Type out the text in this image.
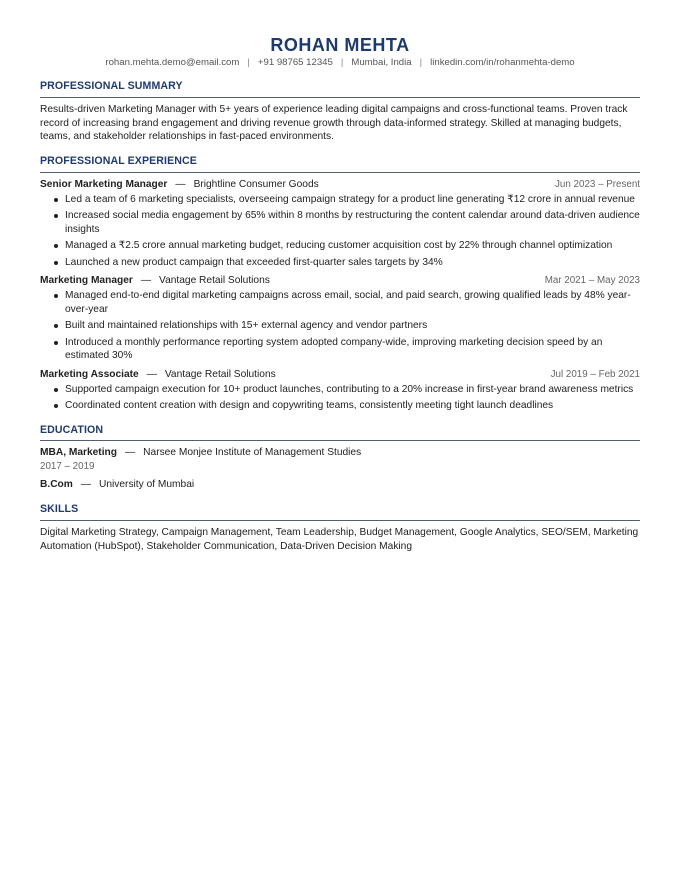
ROHAN MEHTA
rohan.mehta.demo@email.com | +91 98765 12345 | Mumbai, India | linkedin.com/in/rohanmehta-demo
PROFESSIONAL SUMMARY
Results-driven Marketing Manager with 5+ years of experience leading digital campaigns and cross-functional teams. Proven track record of increasing brand engagement and driving revenue growth through data-informed strategy. Skilled at managing budgets, teams, and stakeholder relationships in fast-paced environments.
PROFESSIONAL EXPERIENCE
Senior Marketing Manager — Brightline Consumer Goods	Jun 2023 – Present
Led a team of 6 marketing specialists, overseeing campaign strategy for a product line generating ₹12 crore in annual revenue
Increased social media engagement by 65% within 8 months by restructuring the content calendar around data-driven audience insights
Managed a ₹2.5 crore annual marketing budget, reducing customer acquisition cost by 22% through channel optimization
Launched a new product campaign that exceeded first-quarter sales targets by 34%
Marketing Manager — Vantage Retail Solutions	Mar 2021 – May 2023
Managed end-to-end digital marketing campaigns across email, social, and paid search, growing qualified leads by 48% year-over-year
Built and maintained relationships with 15+ external agency and vendor partners
Introduced a monthly performance reporting system adopted company-wide, improving marketing decision speed by an estimated 30%
Marketing Associate — Vantage Retail Solutions	Jul 2019 – Feb 2021
Supported campaign execution for 10+ product launches, contributing to a 20% increase in first-year brand awareness metrics
Coordinated content creation with design and copywriting teams, consistently meeting tight launch deadlines
EDUCATION
MBA, Marketing — Narsee Monjee Institute of Management Studies
2017 – 2019
B.Com — University of Mumbai
SKILLS
Digital Marketing Strategy, Campaign Management, Team Leadership, Budget Management, Google Analytics, SEO/SEM, Marketing Automation (HubSpot), Stakeholder Communication, Data-Driven Decision Making
